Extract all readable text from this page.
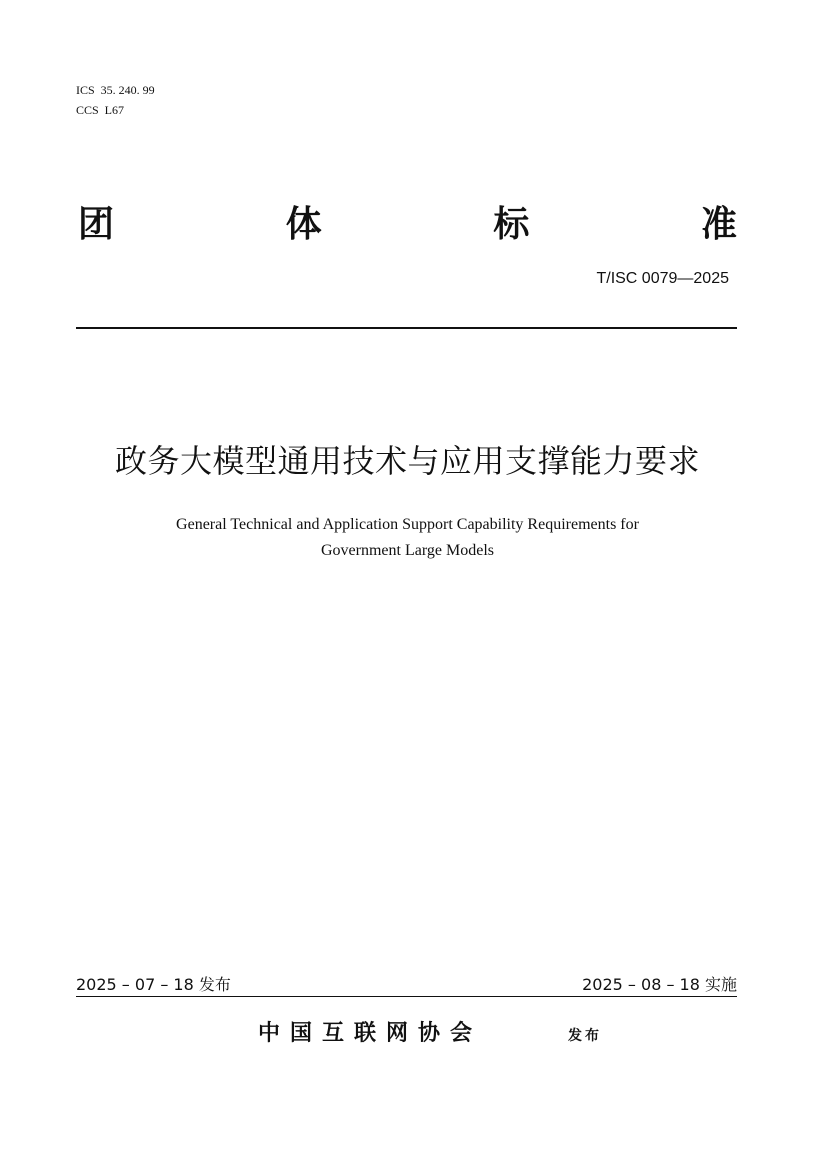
ICS  35. 240. 99
CCS  L67
团	体	标	准
T/ISC 0079—2025
政务大模型通用技术与应用支撑能力要求
General Technical and Application Support Capability Requirements for
Government Large Models
2025 – 07 – 18 发布	2025 – 08 – 18 实施
中国互联网协会	发布
